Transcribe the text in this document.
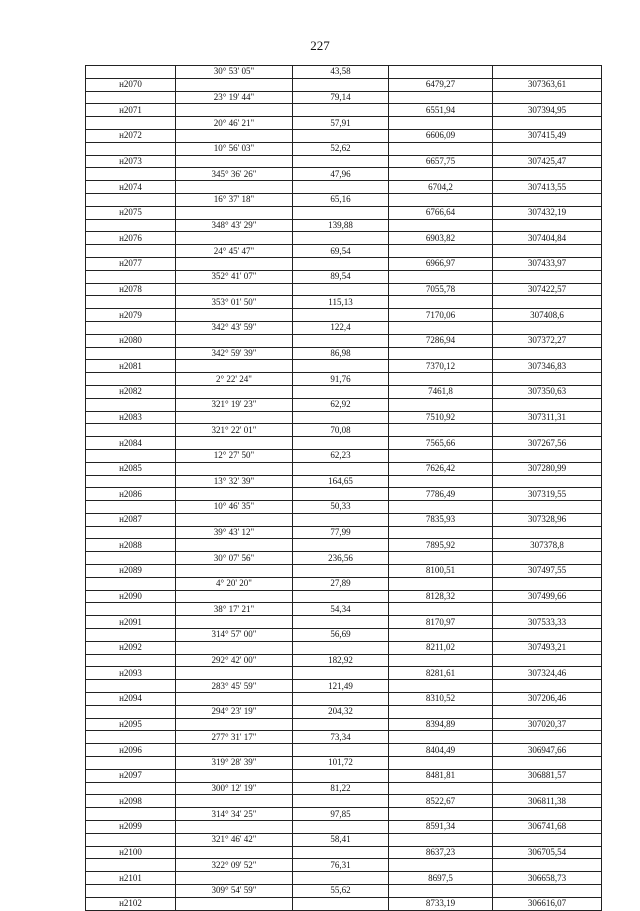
227
	30° 53' 05"	43,58		
н2070			6479,27	307363,61
	23° 19' 44"	79,14		
н2071			6551,94	307394,95
	20° 46' 21"	57,91		
н2072			6606,09	307415,49
	10° 56' 03"	52,62		
н2073			6657,75	307425,47
	345° 36' 26"	47,96		
н2074			6704,2	307413,55
	16° 37' 18"	65,16		
н2075			6766,64	307432,19
	348° 43' 29"	139,88		
н2076			6903,82	307404,84
	24° 45' 47"	69,54		
н2077			6966,97	307433,97
	352° 41' 07"	89,54		
н2078			7055,78	307422,57
	353° 01' 50"	115,13		
н2079			7170,06	307408,6
	342° 43' 59"	122,4		
н2080			7286,94	307372,27
	342° 59' 39"	86,98		
н2081			7370,12	307346,83
	2° 22' 24"	91,76		
н2082			7461,8	307350,63
	321° 19' 23"	62,92		
н2083			7510,92	307311,31
	321° 22' 01"	70,08		
н2084			7565,66	307267,56
	12° 27' 50"	62,23		
н2085			7626,42	307280,99
	13° 32' 39"	164,65		
н2086			7786,49	307319,55
	10° 46' 35"	50,33		
н2087			7835,93	307328,96
	39° 43' 12"	77,99		
н2088			7895,92	307378,8
	30° 07' 56"	236,56		
н2089			8100,51	307497,55
	4° 20' 20"	27,89		
н2090			8128,32	307499,66
	38° 17' 21"	54,34		
н2091			8170,97	307533,33
	314° 57' 00"	56,69		
н2092			8211,02	307493,21
	292° 42' 00"	182,92		
н2093			8281,61	307324,46
	283° 45' 59"	121,49		
н2094			8310,52	307206,46
	294° 23' 19"	204,32		
н2095			8394,89	307020,37
	277° 31' 17"	73,34		
н2096			8404,49	306947,66
	319° 28' 39"	101,72		
н2097			8481,81	306881,57
	300° 12' 19"	81,22		
н2098			8522,67	306811,38
	314° 34' 25"	97,85		
н2099			8591,34	306741,68
	321° 46' 42"	58,41		
н2100			8637,23	306705,54
	322° 09' 52"	76,31		
н2101			8697,5	306658,73
	309° 54' 59"	55,62		
н2102			8733,19	306616,07
